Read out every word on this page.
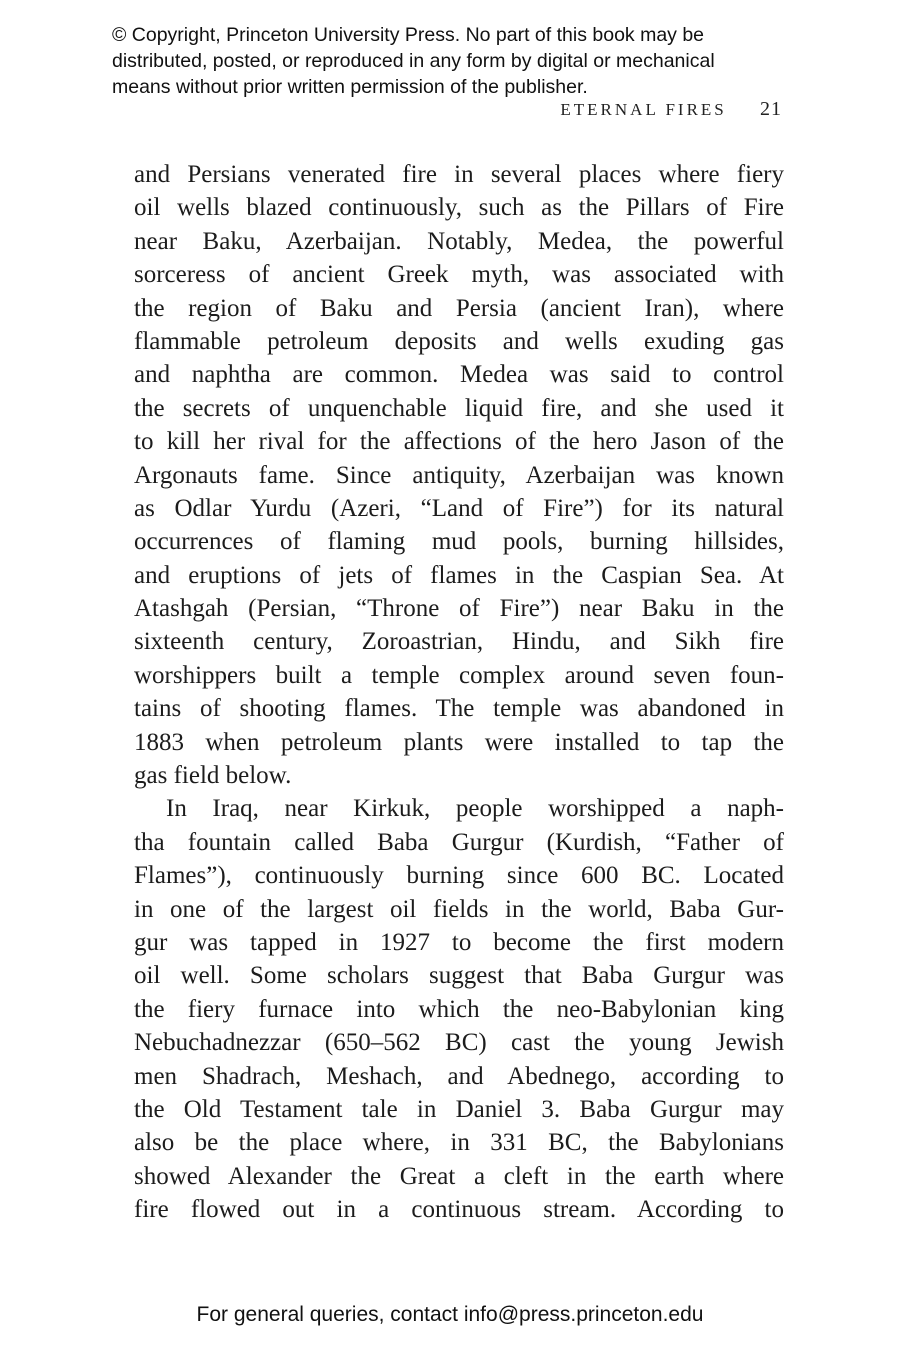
© Copyright, Princeton University Press. No part of this book may be
distributed, posted, or reproduced in any form by digital or mechanical
means without prior written permission of the publisher.
ETERNAL FIRES 21
and Persians venerated fire in several places where fiery
oil wells blazed continuously, such as the Pillars of Fire
near Baku, Azerbaijan. Notably, Medea, the powerful
sorceress of ancient Greek myth, was associated with
the region of Baku and Persia (ancient Iran), where
flammable petroleum deposits and wells exuding gas
and naphtha are common. Medea was said to control
the secrets of unquenchable liquid fire, and she used it
to kill her rival for the affections of the hero Jason of the
Argonauts fame. Since antiquity, Azerbaijan was known
as Odlar Yurdu (Azeri, “Land of Fire”) for its natural
occurrences of flaming mud pools, burning hillsides,
and eruptions of jets of flames in the Caspian Sea. At
Atashgah (Persian, “Throne of Fire”) near Baku in the
sixteenth century, Zoroastrian, Hindu, and Sikh fire
worshippers built a temple complex around seven foun-
tains of shooting flames. The temple was abandoned in
1883 when petroleum plants were installed to tap the
gas field below.
In Iraq, near Kirkuk, people worshipped a naph-
tha fountain called Baba Gurgur (Kurdish, “Father of
Flames”), continuously burning since 600 BC. Located
in one of the largest oil fields in the world, Baba Gur-
gur was tapped in 1927 to become the first modern
oil well. Some scholars suggest that Baba Gurgur was
the fiery furnace into which the neo-Babylonian king
Nebuchadnezzar (650–562 BC) cast the young Jewish
men Shadrach, Meshach, and Abednego, according to
the Old Testament tale in Daniel 3. Baba Gurgur may
also be the place where, in 331 BC, the Babylonians
showed Alexander the Great a cleft in the earth where
fire flowed out in a continuous stream. According to
For general queries, contact info@press.princeton.edu
